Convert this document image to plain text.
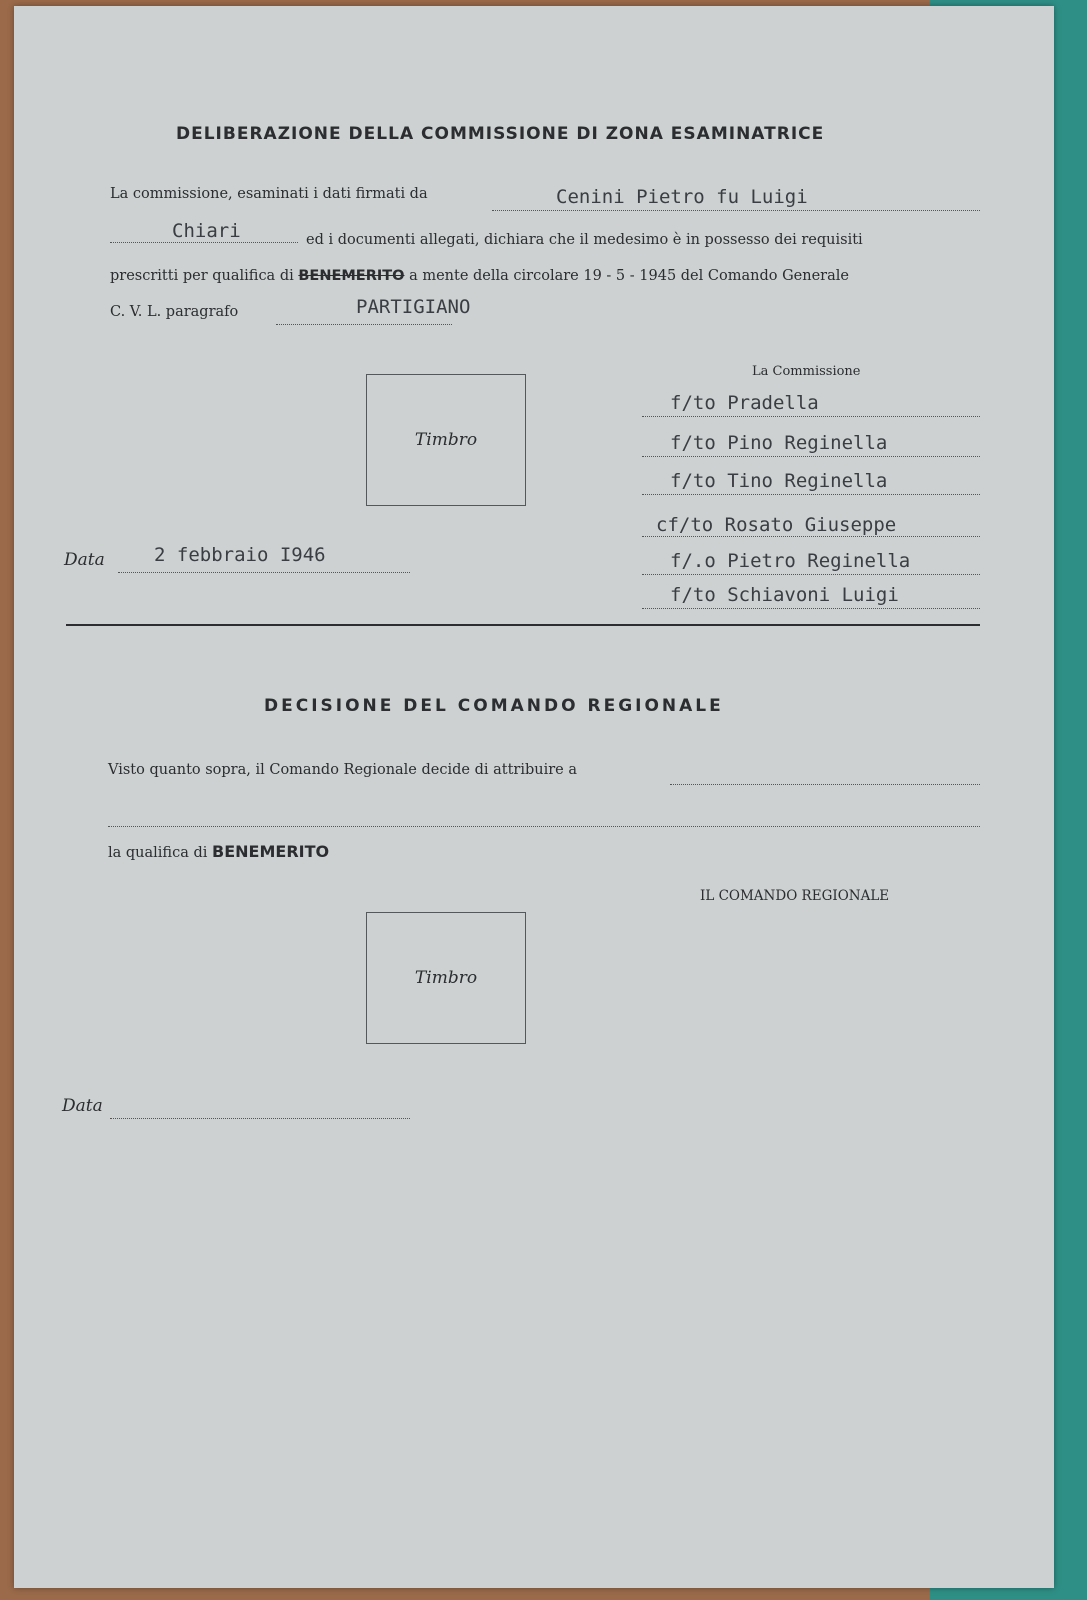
DELIBERAZIONE DELLA COMMISSIONE DI ZONA ESAMINATRICE
La commissione, esaminati i dati firmati da	Cenini Pietro fu Luigi
Chiari	ed i documenti allegati, dichiara che il medesimo è in possesso dei requisiti
prescritti per qualifica di BENEMERITO a mente della circolare 19 - 5 - 1945 del Comando Generale
C. V. L. paragrafo	PARTIGIANO
Timbro
La Commissione
f/to Pradella
f/to Pino Reginella
f/to Tino Reginella
cf/to Rosato Giuseppe
f/.o Pietro Reginella
f/to Schiavoni Luigi
Data	2 febbraio I946
DECISIONE DEL COMANDO REGIONALE
Visto quanto sopra, il Comando Regionale decide di attribuire a
la qualifica di BENEMERITO
IL COMANDO REGIONALE
Timbro
Data
